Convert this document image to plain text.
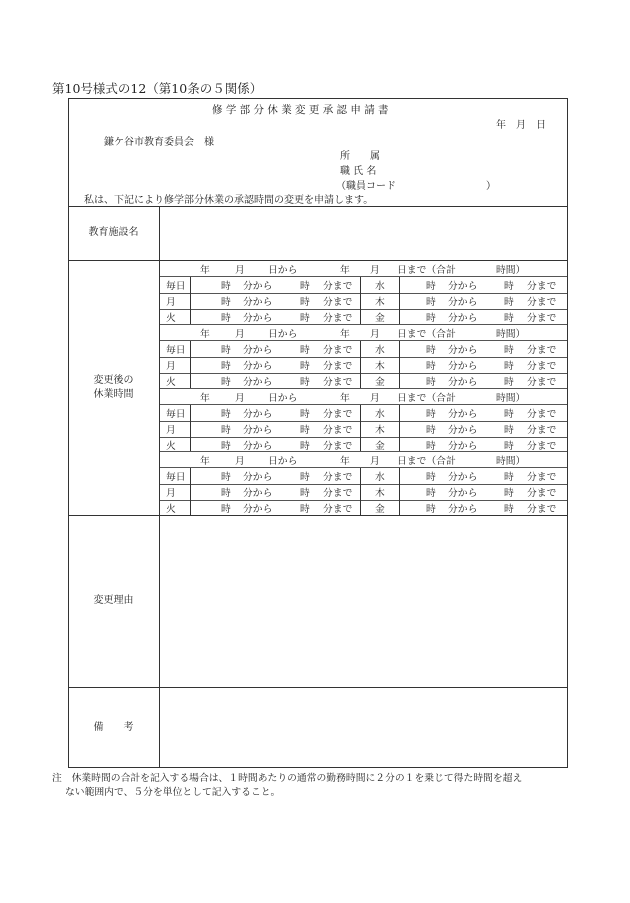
第10号様式の12（第10条の５関係）
修 学 部 分 休 業 変 更 承 認 申 請 書
年　月　日
鎌ケ谷市教育委員会　様
所　　属
職 氏 名
（職員コード　　　　　　　　　）
私は、下記により修学部分休業の承認時間の変更を申請します。
教育施設名
変更後の
休業時間
変更理由
備　　考
年	月 日から	年 月 日まで（合計	時間）
毎日	時 分から	時 分まで 水	時 分から	時 分まで
月	時 分から	時 分まで 木	時 分から	時 分まで
火	時 分から	時 分まで 金	時 分から	時 分まで
年	月 日から	年 月 日まで（合計	時間）
毎日	時 分から	時 分まで 水	時 分から	時 分まで
月	時 分から	時 分まで 木	時 分から	時 分まで
火	時 分から	時 分まで 金	時 分から	時 分まで
年	月 日から	年 月 日まで（合計	時間）
毎日	時 分から	時 分まで 水	時 分から	時 分まで
月	時 分から	時 分まで 木	時 分から	時 分まで
火	時 分から	時 分まで 金	時 分から	時 分まで
年	月 日から	年 月 日まで（合計	時間）
毎日	時 分から	時 分まで 水	時 分から	時 分まで
月	時 分から	時 分まで 木	時 分から	時 分まで
火	時 分から	時 分まで 金	時 分から	時 分まで
注　休業時間の合計を記入する場合は、１時間あたりの通常の勤務時間に２分の１を乗じて得た時間を超え
ない範囲内で、５分を単位として記入すること。
